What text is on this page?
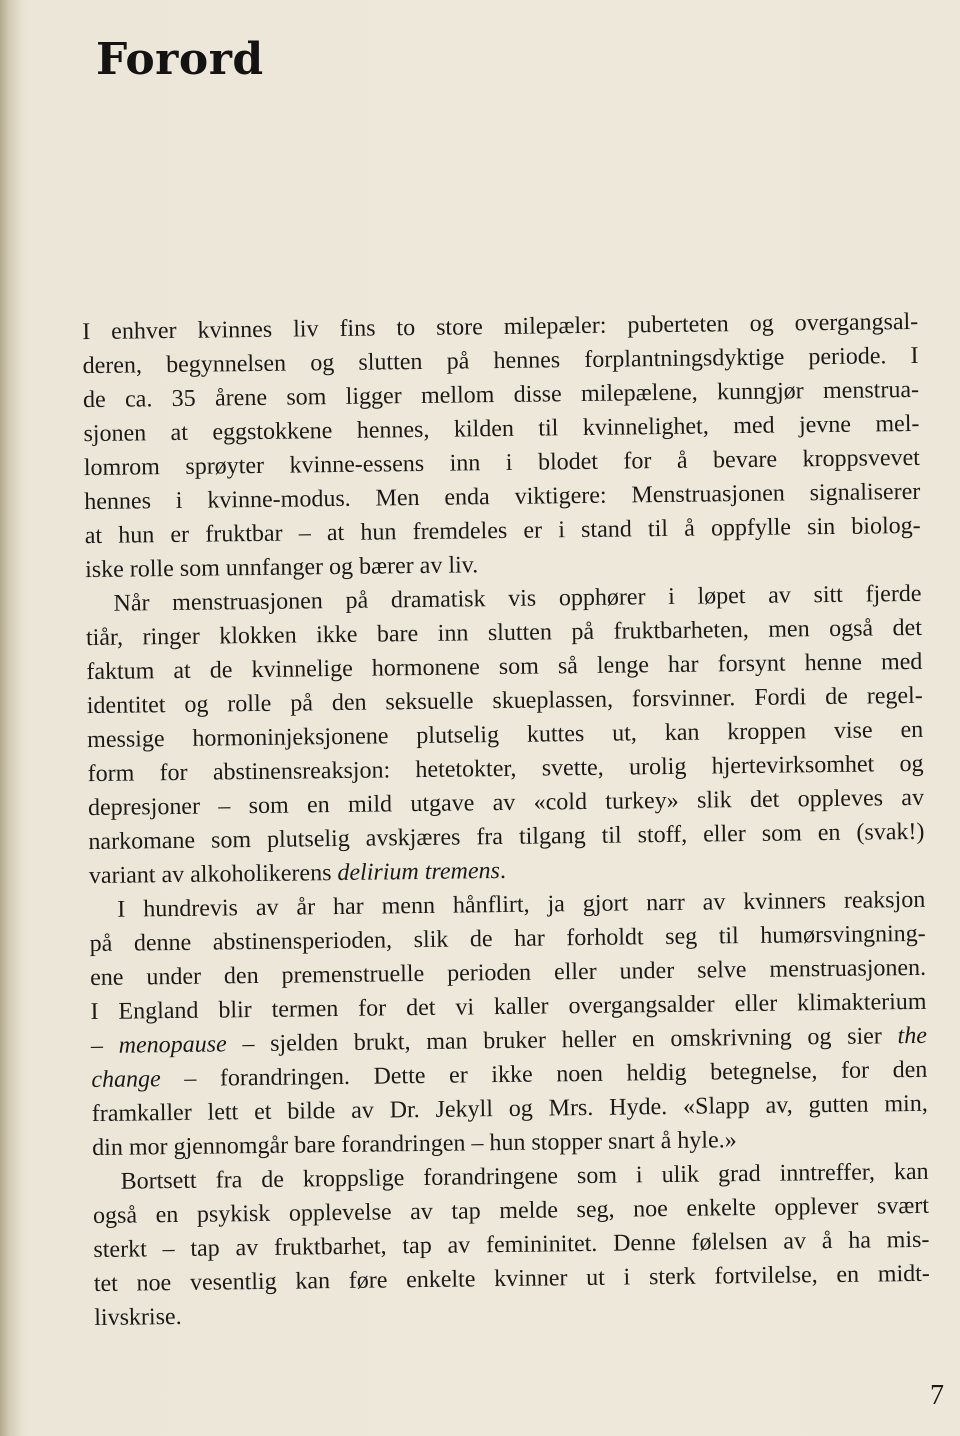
Forord

I enhver kvinnes liv fins to store milepæler: puberteten og overgangsal-

deren, begynnelsen og slutten på hennes forplantningsdyktige periode. I

de ca. 35 årene som ligger mellom disse milepælene, kunngjør menstrua-

sjonen at eggstokkene hennes, kilden til kvinnelighet, med jevne mel-

lomrom sprøyter kvinne-essens inn i blodet for å bevare kroppsvevet

hennes i kvinne-modus. Men enda viktigere: Menstruasjonen signaliserer

at hun er fruktbar – at hun fremdeles er i stand til å oppfylle sin biolog-

iske rolle som unnfanger og bærer av liv.

Når menstruasjonen på dramatisk vis opphører i løpet av sitt fjerde

tiår, ringer klokken ikke bare inn slutten på fruktbarheten, men også det

faktum at de kvinnelige hormonene som så lenge har forsynt henne med

identitet og rolle på den seksuelle skueplassen, forsvinner. Fordi de regel-

messige hormoninjeksjonene plutselig kuttes ut, kan kroppen vise en

form for abstinensreaksjon: hetetokter, svette, urolig hjertevirksomhet og

depresjoner – som en mild utgave av «cold turkey» slik det oppleves av

narkomane som plutselig avskjæres fra tilgang til stoff, eller som en (svak!)

variant av alkoholikerens delirium tremens.

I hundrevis av år har menn hånflirt, ja gjort narr av kvinners reaksjon

på denne abstinensperioden, slik de har forholdt seg til humørsvingning-

ene under den premenstruelle perioden eller under selve menstruasjonen.

I England blir termen for det vi kaller overgangsalder eller klimakterium

– menopause – sjelden brukt, man bruker heller en omskrivning og sier the

change – forandringen. Dette er ikke noen heldig betegnelse, for den

framkaller lett et bilde av Dr. Jekyll og Mrs. Hyde. «Slapp av, gutten min,

din mor gjennomgår bare forandringen – hun stopper snart å hyle.»

Bortsett fra de kroppslige forandringene som i ulik grad inntreffer, kan

også en psykisk opplevelse av tap melde seg, noe enkelte opplever svært

sterkt – tap av fruktbarhet, tap av femininitet. Denne følelsen av å ha mis-

tet noe vesentlig kan føre enkelte kvinner ut i sterk fortvilelse, en midt-

livskrise.

7
